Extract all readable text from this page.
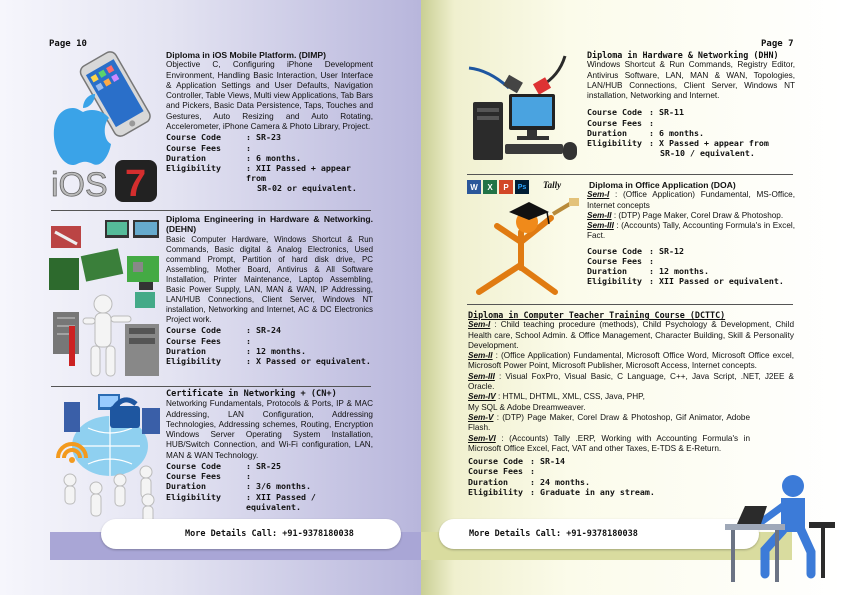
Page 10
iOS 7
Diploma in iOS Mobile Platform. (DIMP)
Objective C, Configuring iPhone Development Environment, Handling Basic Interaction, User Interface & Application Settings and User Defaults, Navigation Controller, Table Views, Multi view Applications, Tab Bars and Pickers, Basic Data Persistence, Taps, Touches and Gestures, Auto Resizing and Auto Rotating, Accelerometer, iPhone Camera & Photo Library, Project.
Course Code	: SR-23
Course Fees	:
Duration	: 6 months.
Eligibility	: XII Passed + appear from
SR-02 or equivalent.
Diploma Engineering in Hardware & Networking. (DEHN)
Basic Computer Hardware, Windows Shortcut & Run Commands, Basic digital & Analog Electronics, Used command Prompt, Partition of hard disk drive, PC Assembling, Mother Board, Antivirus & All Software Installation, Printer Maintenance, Laptop Assembling, Basic Power Supply, LAN, MAN & WAN, IP Addressing, LAN/HUB Connections, Client Server, Windows NT installation, Networking and Internet, AC & DC Electronics Project work.
Course Code	: SR-24
Course Fees	:
Duration	: 12 months.
Eligibility	: X Passed or equivalent.
Certificate in Networking + (CN+)
Networking Fundamentals, Protocols & Ports, IP & MAC Addressing, LAN Configuration, Addressing Technologies, Addressing schemes, Routing, Encryption Windows Server Operating System Installation, HUB/Switch Connection, and Wi-Fi configuration, LAN, MAN & WAN Technology.
Course Code	: SR-25
Course Fees	:
Duration	: 3/6 months.
Eligibility	: XII Passed / equivalent.
More Details Call: +91-9378180038
Page 7
Diploma in Hardware & Networking (DHN)
Windows Shortcut & Run Commands, Registry Editor, Antivirus Software, LAN, MAN & WAN, Topologies, LAN/HUB Connections, Client Server, Windows NT installation, Networking and Internet.
Course Code : SR-11
Course Fees :
Duration	: 6 months.
Eligibility : X Passed + appear from
SR-10 / equivalent.
W	X	P	Ps	Tally	Diploma in Office Application (DOA)
Sem-I : (Office Application) Fundamental, MS-Office, Internet concepts
Sem-II : (DTP) Page Maker, Corel Draw & Photoshop.
Sem-III : (Accounts) Tally, Accounting Formula's in Excel, Fact.
Course Code : SR-12
Course Fees :
Duration	: 12 months.
Eligibility : XII Passed or equivalent.
Diploma in Computer Teacher Training Course (DCTTC)
Sem-I : Child teaching procedure (methods), Child Psychology & Development, Child Health care, School Admin. & Office Management, Character Building, Skill & Personality Development.
Sem-II : (Office Application) Fundamental, Microsoft Office Word, Microsoft Office excel, Microsoft Power Point, Microsoft Publisher, Microsoft Access, Internet concepts.
Sem-III : Visual FoxPro, Visual Basic, C Language, C++, Java Script, .NET, J2EE & Oracle.
Sem-IV : HTML, DHTML, XML, CSS, Java, PHP,
My SQL & Adobe Dreamweaver.
Sem-V : (DTP) Page Maker, Corel Draw & Photoshop, Gif Animator, Adobe Flash.
Sem-VI : (Accounts) Tally .ERP, Working with Accounting Formula's in Microsoft Office Excel, Fact, VAT and other Taxes, E-TDS & E-Return.
Course Code : SR-14
Course Fees :
Duration	: 24 months.
Eligibility : Graduate in any stream.
More Details Call: +91-9378180038
